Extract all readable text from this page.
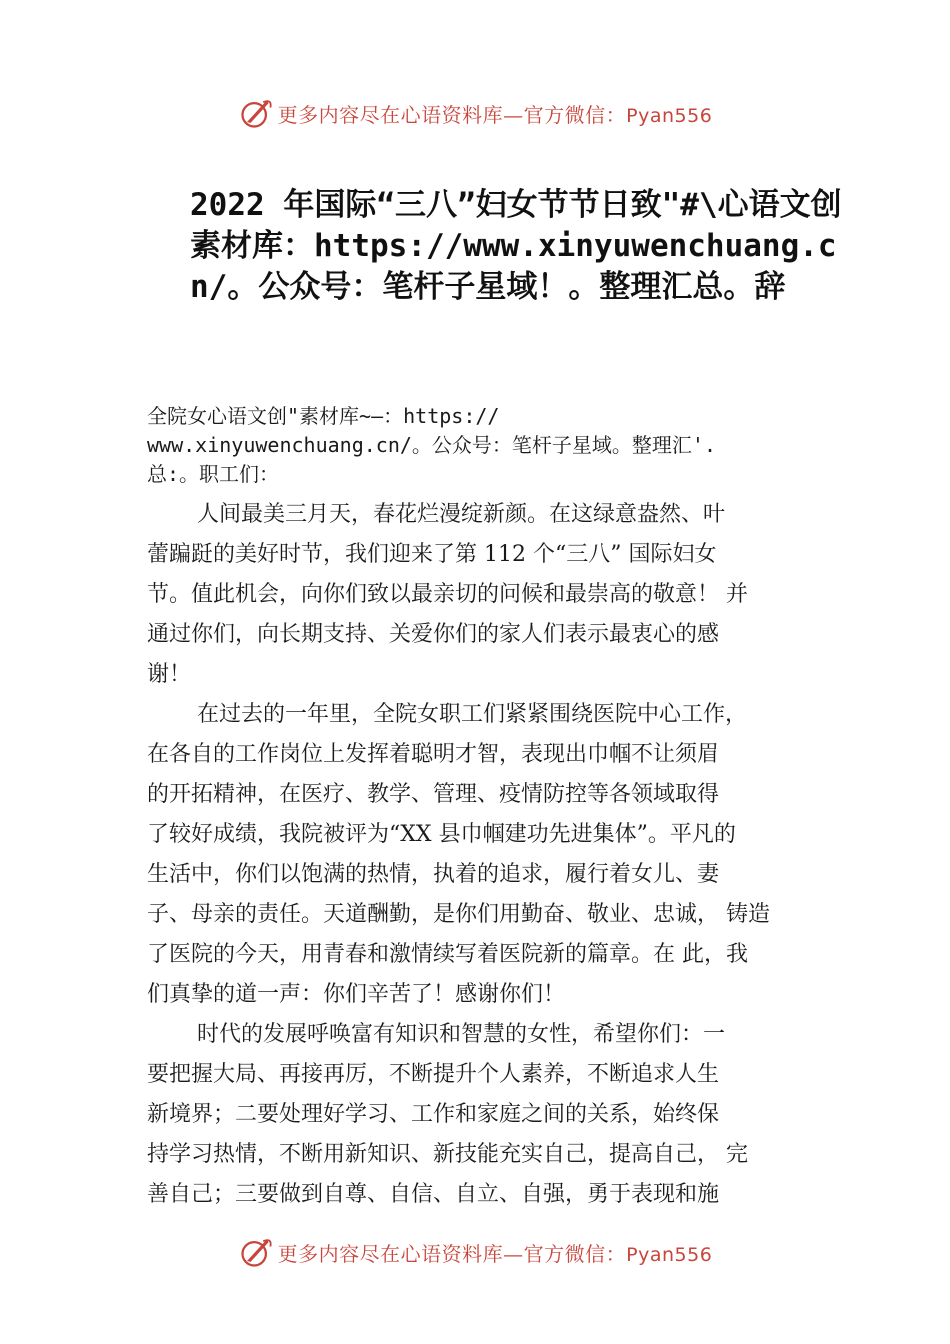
更多内容尽在心语资料库—官方微信：Pyan556
2022 年国际“三八”妇女节节日致"#\心语文创素材库：https://www.xinyuwenchuang.cn/。公众号：笔杆子星域！。整理汇总。辞
全院女心语文创"素材库~—：https://
www.xinyuwenchuang.cn/。公众号：笔杆子星域。整理汇'.
总:。职工们：
人间最美三月天，春花烂漫绽新颜。在这绿意盎然、叶
蕾蹁跹的美好时节，我们迎来了第 112 个“三八” 国际妇女
节。值此机会，向你们致以最亲切的问候和最崇高的敬意！ 并
通过你们，向长期支持、关爱你们的家人们表示最衷心的感
谢！
在过去的一年里，全院女职工们紧紧围绕医院中心工作，
在各自的工作岗位上发挥着聪明才智，表现出巾帼不让须眉
的开拓精神，在医疗、教学、管理、疫情防控等各领域取得
了较好成绩，我院被评为“XX 县巾帼建功先进集体”。平凡的
生活中，你们以饱满的热情，执着的追求，履行着女儿、妻
子、母亲的责任。天道酬勤，是你们用勤奋、敬业、忠诚， 铸造
了医院的今天，用青春和激情续写着医院新的篇章。在 此，我
们真挚的道一声：你们辛苦了！感谢你们！
时代的发展呼唤富有知识和智慧的女性，希望你们：一
要把握大局、再接再厉，不断提升个人素养，不断追求人生
新境界；二要处理好学习、工作和家庭之间的关系，始终保
持学习热情，不断用新知识、新技能充实自己，提高自己， 完
善自己；三要做到自尊、自信、自立、自强，勇于表现和施
更多内容尽在心语资料库—官方微信：Pyan556
